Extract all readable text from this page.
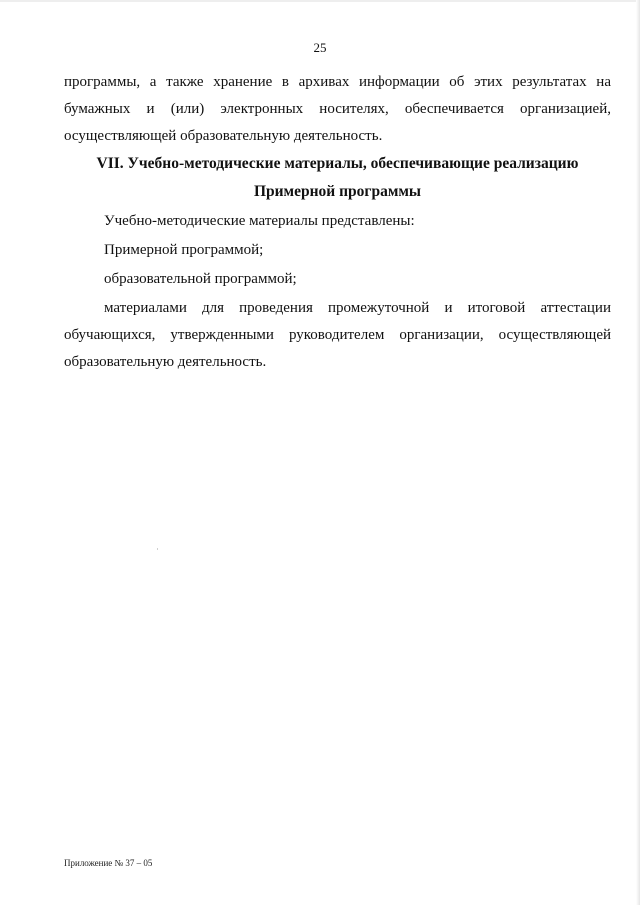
25

программы, а также хранение в архивах информации об этих результатах на бумажных и (или) электронных носителях, обеспечивается организацией, осуществляющей образовательную деятельность.

VII. Учебно-методические материалы, обеспечивающие реализацию

Примерной программы

Учебно-методические материалы представлены:

Примерной программой;

образовательной программой;

материалами для проведения промежуточной и итоговой аттестации обучающихся, утвержденными руководителем организации, осуществляющей образовательную деятельность.

Приложение № 37 – 05
